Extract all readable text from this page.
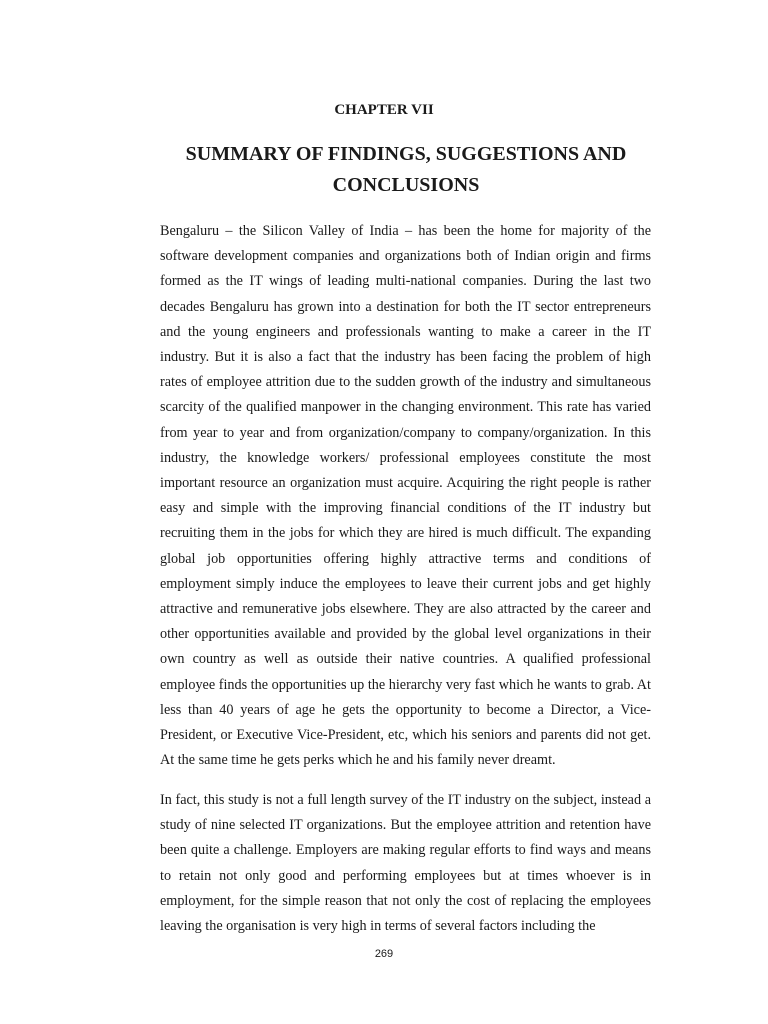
CHAPTER VII
SUMMARY OF FINDINGS, SUGGESTIONS AND CONCLUSIONS

Bengaluru – the Silicon Valley of India – has been the home for majority of the software development companies and organizations both of Indian origin and firms formed as the IT wings of leading multi-national companies. During the last two decades Bengaluru has grown into a destination for both the IT sector entrepreneurs and the young engineers and professionals wanting to make a career in the IT industry. But it is also a fact that the industry has been facing the problem of high rates of employee attrition due to the sudden growth of the industry and simultaneous scarcity of the qualified manpower in the changing environment. This rate has varied from year to year and from organization/company to company/organization. In this industry, the knowledge workers/ professional employees constitute the most important resource an organization must acquire. Acquiring the right people is rather easy and simple with the improving financial conditions of the IT industry but recruiting them in the jobs for which they are hired is much difficult. The expanding global job opportunities offering highly attractive terms and conditions of employment simply induce the employees to leave their current jobs and get highly attractive and remunerative jobs elsewhere. They are also attracted by the career and other opportunities available and provided by the global level organizations in their own country as well as outside their native countries. A qualified professional employee finds the opportunities up the hierarchy very fast which he wants to grab. At less than 40 years of age he gets the opportunity to become a Director, a Vice-President, or Executive Vice-President, etc, which his seniors and parents did not get. At the same time he gets perks which he and his family never dreamt.

In fact, this study is not a full length survey of the IT industry on the subject, instead a study of nine selected IT organizations. But the employee attrition and retention have been quite a challenge. Employers are making regular efforts to find ways and means to retain not only good and performing employees but at times whoever is in employment, for the simple reason that not only the cost of replacing the employees leaving the organisation is very high in terms of several factors including the

269
